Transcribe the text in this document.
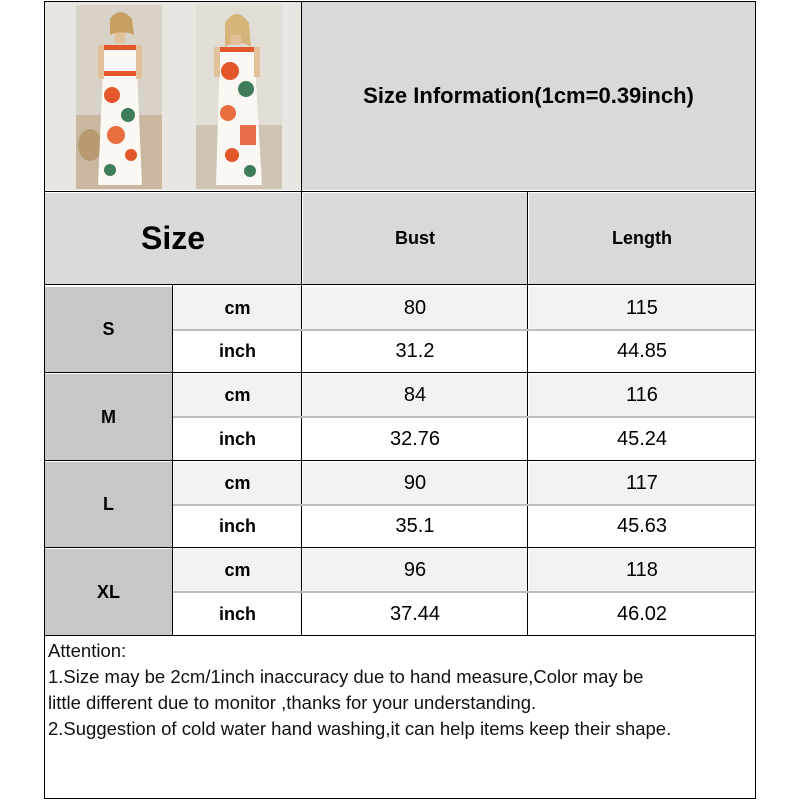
Size Information(1cm=0.39inch)
Size	Bust	Length
S
cm	80	115
inch	31.2	44.85
M
cm	84	116
inch	32.76	45.24
L
cm	90	117
inch	35.1	45.63
XL
cm	96	118
inch	37.44	46.02
Attention:
1.Size may be 2cm/1inch inaccuracy due to hand measure,Color may be
little different due to monitor ,thanks for your understanding.
2.Suggestion of cold water hand washing,it can help items keep their shape.
